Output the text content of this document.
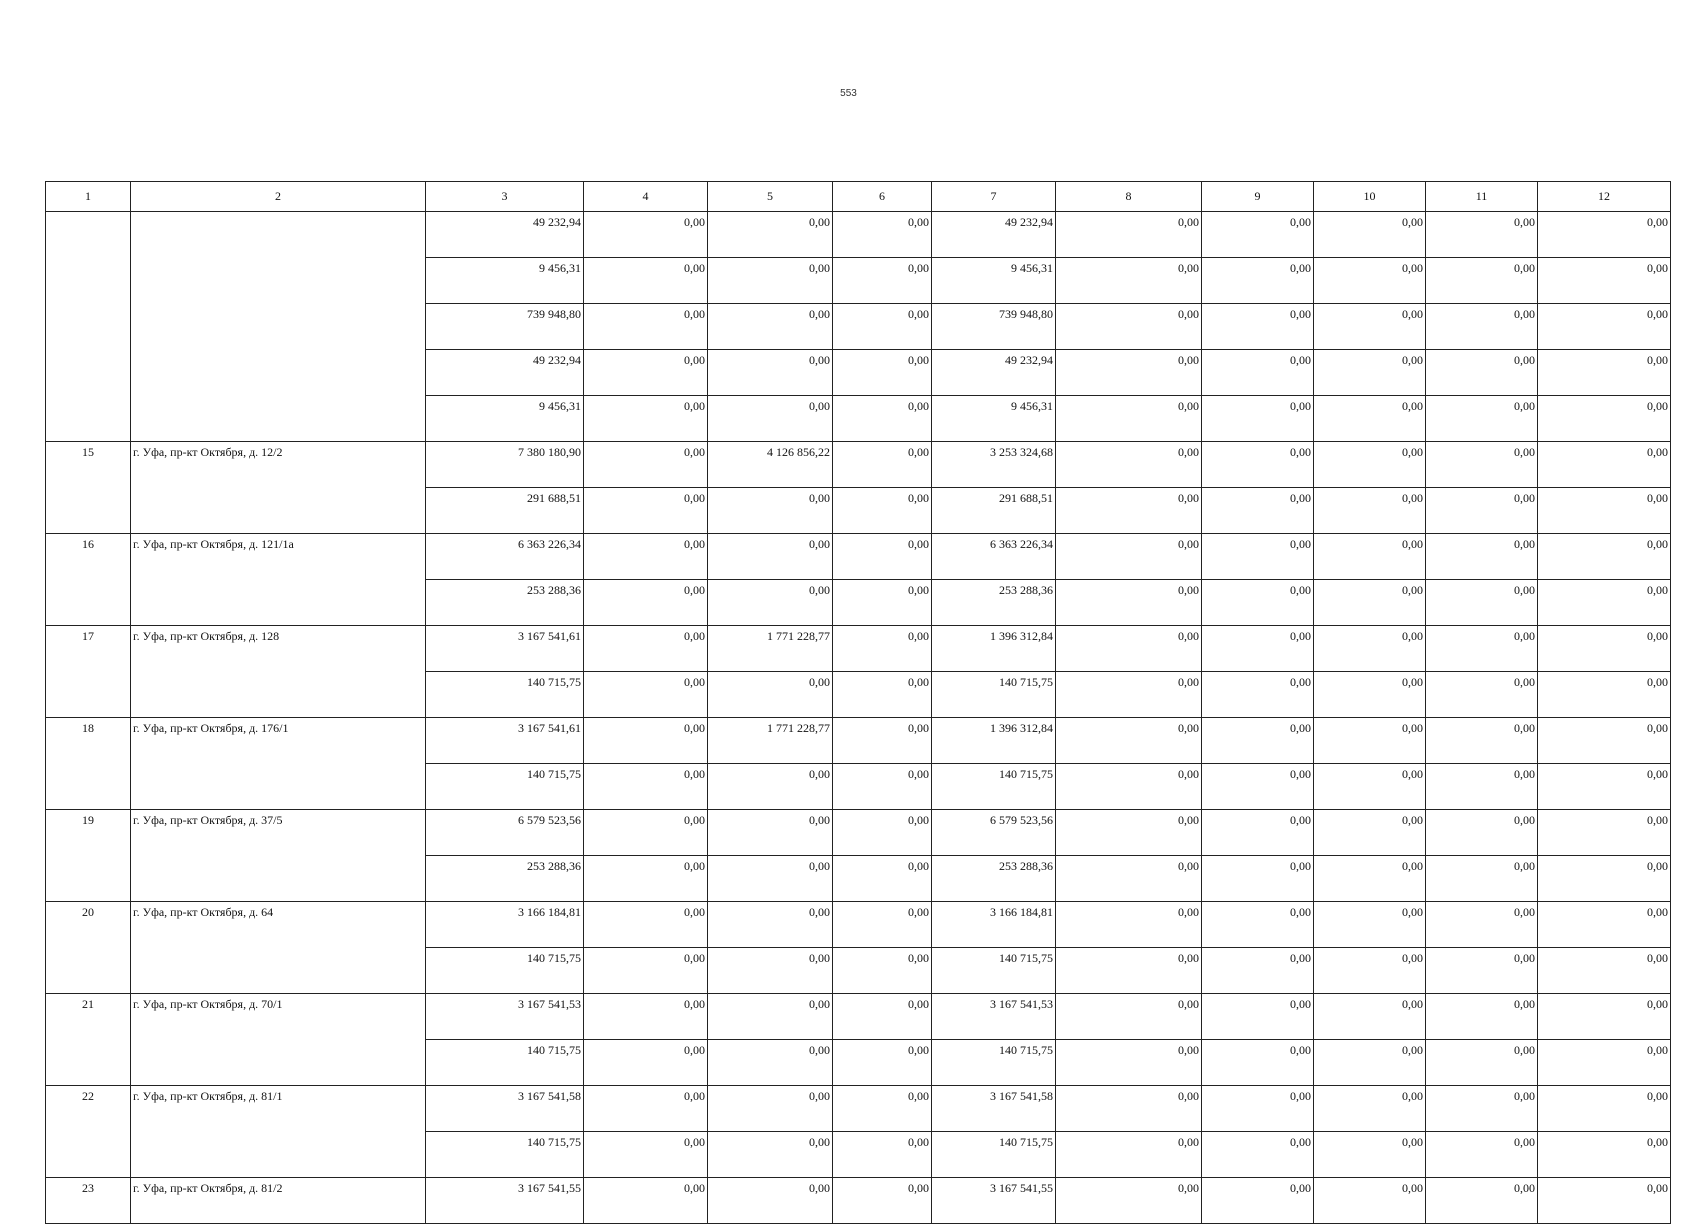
553
1	2	3	4	5	6	7	8	9	10	11	12
		49 232,94	0,00	0,00	0,00	49 232,94	0,00	0,00	0,00	0,00	0,00
		9 456,31	0,00	0,00	0,00	9 456,31	0,00	0,00	0,00	0,00	0,00
		739 948,80	0,00	0,00	0,00	739 948,80	0,00	0,00	0,00	0,00	0,00
		49 232,94	0,00	0,00	0,00	49 232,94	0,00	0,00	0,00	0,00	0,00
		9 456,31	0,00	0,00	0,00	9 456,31	0,00	0,00	0,00	0,00	0,00
15	г. Уфа, пр-кт Октября, д. 12/2	7 380 180,90	0,00	4 126 856,22	0,00	3 253 324,68	0,00	0,00	0,00	0,00	0,00
		291 688,51	0,00	0,00	0,00	291 688,51	0,00	0,00	0,00	0,00	0,00
16	г. Уфа, пр-кт Октября, д. 121/1а	6 363 226,34	0,00	0,00	0,00	6 363 226,34	0,00	0,00	0,00	0,00	0,00
		253 288,36	0,00	0,00	0,00	253 288,36	0,00	0,00	0,00	0,00	0,00
17	г. Уфа, пр-кт Октября, д. 128	3 167 541,61	0,00	1 771 228,77	0,00	1 396 312,84	0,00	0,00	0,00	0,00	0,00
		140 715,75	0,00	0,00	0,00	140 715,75	0,00	0,00	0,00	0,00	0,00
18	г. Уфа, пр-кт Октября, д. 176/1	3 167 541,61	0,00	1 771 228,77	0,00	1 396 312,84	0,00	0,00	0,00	0,00	0,00
		140 715,75	0,00	0,00	0,00	140 715,75	0,00	0,00	0,00	0,00	0,00
19	г. Уфа, пр-кт Октября, д. 37/5	6 579 523,56	0,00	0,00	0,00	6 579 523,56	0,00	0,00	0,00	0,00	0,00
		253 288,36	0,00	0,00	0,00	253 288,36	0,00	0,00	0,00	0,00	0,00
20	г. Уфа, пр-кт Октября, д. 64	3 166 184,81	0,00	0,00	0,00	3 166 184,81	0,00	0,00	0,00	0,00	0,00
		140 715,75	0,00	0,00	0,00	140 715,75	0,00	0,00	0,00	0,00	0,00
21	г. Уфа, пр-кт Октября, д. 70/1	3 167 541,53	0,00	0,00	0,00	3 167 541,53	0,00	0,00	0,00	0,00	0,00
		140 715,75	0,00	0,00	0,00	140 715,75	0,00	0,00	0,00	0,00	0,00
22	г. Уфа, пр-кт Октября, д. 81/1	3 167 541,58	0,00	0,00	0,00	3 167 541,58	0,00	0,00	0,00	0,00	0,00
		140 715,75	0,00	0,00	0,00	140 715,75	0,00	0,00	0,00	0,00	0,00
23	г. Уфа, пр-кт Октября, д. 81/2	3 167 541,55	0,00	0,00	0,00	3 167 541,55	0,00	0,00	0,00	0,00	0,00
